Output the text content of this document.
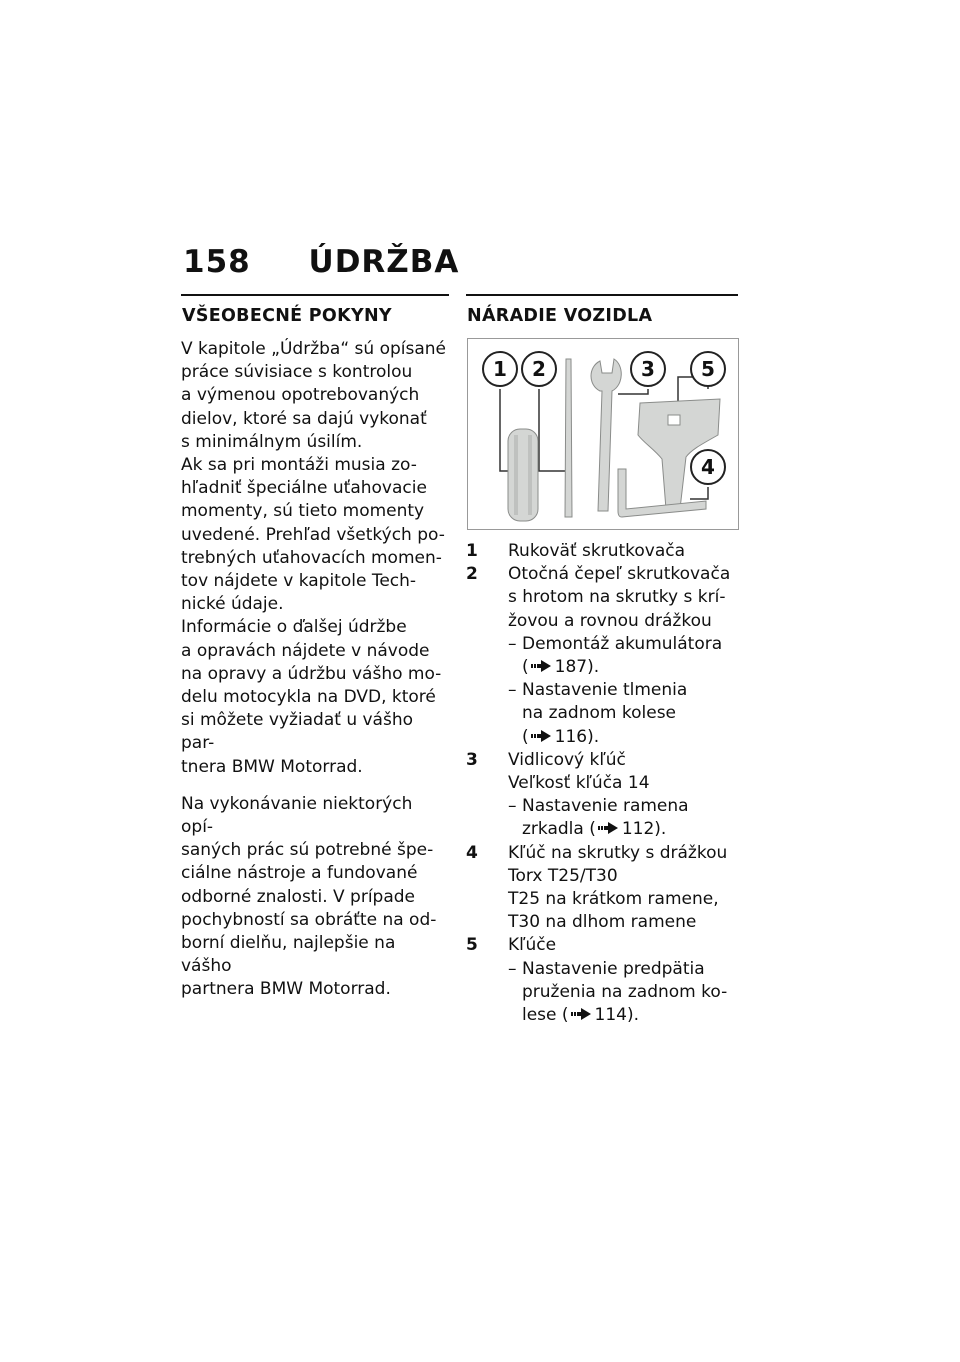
158 ÚDRŽBA
VŠEOBECNÉ POKYNY

V kapitole „Údržba“ sú opísané
práce súvisiace s kontrolou
a výmenou opotrebovaných
dielov, ktoré sa dajú vykonať
s minimálnym úsilím.
Ak sa pri montáži musia zo-
hľadniť špeciálne uťahovacie
momenty, sú tieto momenty
uvedené. Prehľad všetkých po-
trebných uťahovacích momen-
tov nájdete v kapitole Tech-
nické údaje.
Informácie o ďalšej údržbe
a opravách nájdete v návode
na opravy a údržbu vášho mo-
delu motocykla na DVD, ktoré
si môžete vyžiadať u vášho par-
tnera BMW Motorrad.

Na vykonávanie niektorých opí-
saných prác sú potrebné špe-
ciálne nástroje a fundované
odborné znalosti. V prípade
pochybností sa obráťte na od-
borní dielňu, najlepšie na vášho
partnera BMW Motorrad.

NÁRADIE VOZIDLA
1 2	3 5
4
1 Rukoväť skrutkovača
2 Otočná čepeľ skrutkovača
s hrotom na skrutky s krí-
žovou a rovnou drážkou
– Demontáž akumulátora
( 187).
– Nastavenie tlmenia
na zadnom kolese
( 116).
3 Vidlicový kľúč
Veľkosť kľúča 14
– Nastavenie ramena
zrkadla ( 112).
4 Kľúč na skrutky s drážkou
Torx T25/T30
T25 na krátkom ramene,
T30 na dlhom ramene
5 Kľúče
– Nastavenie predpätia
pruženia na zadnom ko-
lese ( 114).
